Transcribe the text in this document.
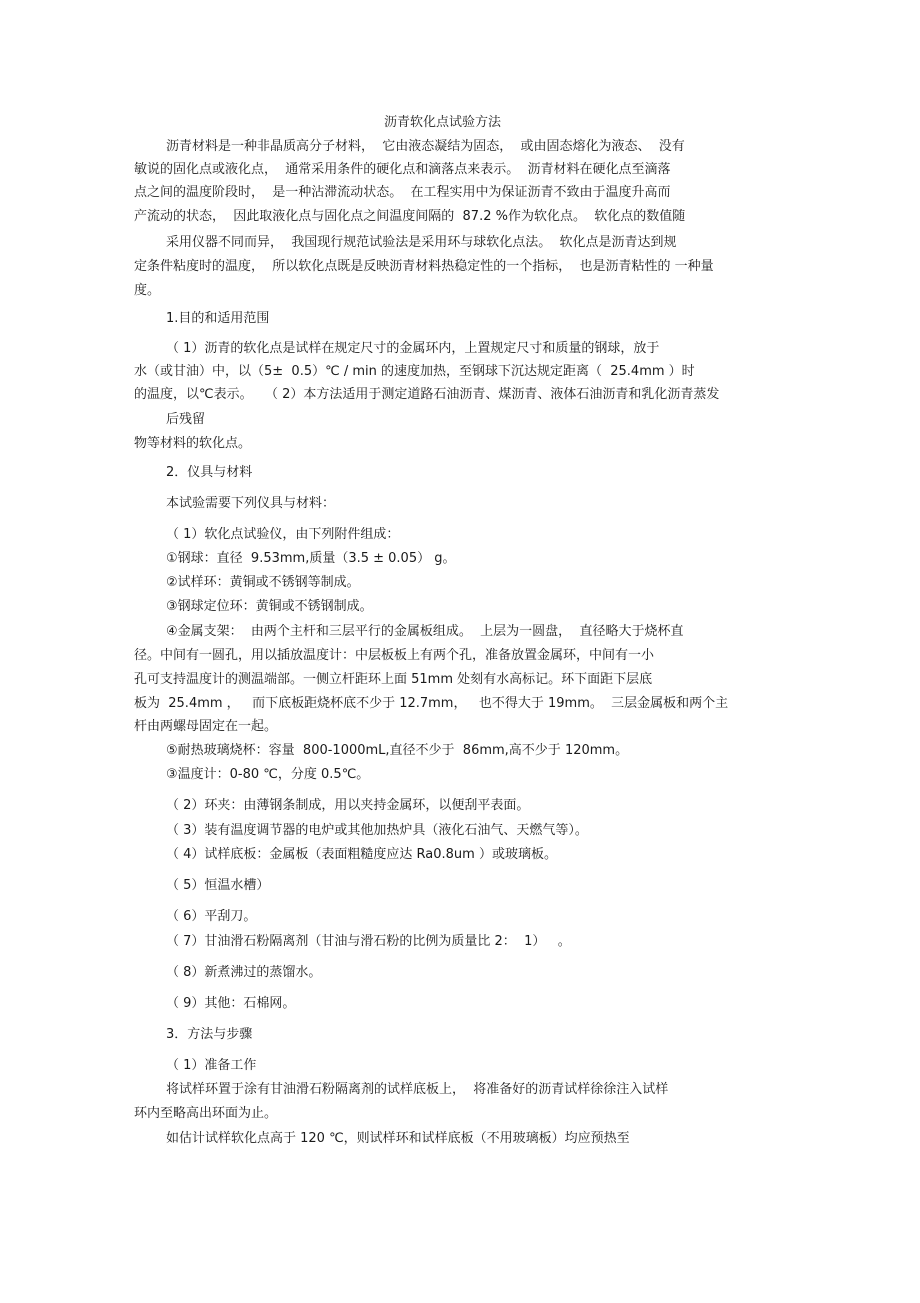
沥青软化点试验方法
沥青材料是一种非晶质高分子材料，  它由液态凝结为固态，  或由固态熔化为液态、  没有
敏说的固化点或液化点，  通常采用条件的硬化点和滴落点来表示。  沥青材料在硬化点至滴落
点之间的温度阶段时，  是一种沾滞流动状态。  在工程实用中为保证沥青不致由于温度升高而
产流动的状态，  因此取液化点与固化点之间温度间隔的  87.2 %作为软化点。  软化点的数值随
采用仪器不同而异，  我国现行规范试验法是采用环与球软化点法。  软化点是沥青达到规
定条件粘度时的温度，  所以软化点既是反映沥青材料热稳定性的一个指标，  也是沥青粘性的 一种量
度。
1.目的和适用范围
（ 1）沥青的软化点是试样在规定尺寸的金属环内，上置规定尺寸和质量的钢球，放于
水（或甘油）中，以（5±  0.5）℃ / min 的速度加热，至钢球下沉达规定距离（  25.4mm ）时
的温度，以℃表示。   （ 2）本方法适用于测定道路石油沥青、煤沥青、液体石油沥青和乳化沥青蒸发
后残留
物等材料的软化点。
2．仪具与材料
本试验需要下列仪具与材料：
（ 1）软化点试验仪，由下列附件组成：
①钢球：直径  9.53mm,质量（3.5 ± 0.05） g。
②试样环：黄铜或不锈钢等制成。
③钢球定位环：黄铜或不锈钢制成。
④金属支架：  由两个主杆和三层平行的金属板组成。  上层为一圆盘，  直径略大于烧杯直
径。中间有一圆孔，用以插放温度计：中层板板上有两个孔，准备放置金属环，中间有一小
孔可支持温度计的测温端部。一侧立杆距环上面 51mm 处刻有水高标记。环下面距下层底
板为  25.4mm ，   而下底板距烧杯底不少于 12.7mm，   也不得大于 19mm。  三层金属板和两个主
杆由两螺母固定在一起。
⑤耐热玻璃烧杯：容量  800-1000mL,直径不少于  86mm,高不少于 120mm。
③温度计：0-80 ℃，分度 0.5℃。
（ 2）环夹：由薄钢条制成，用以夹持金属环，以便刮平表面。
（ 3）装有温度调节器的电炉或其他加热炉具（液化石油气、天燃气等）。
（ 4）试样底板：金属板（表面粗糙度应达 Ra0.8um ）或玻璃板。
（ 5）恒温水槽）
（ 6）平刮刀。
（ 7）甘油滑石粉隔离剂（甘油与滑石粉的比例为质量比 2：  1）   。
（ 8）新煮沸过的蒸馏水。
（ 9）其他：石棉网。
3．方法与步骤
（ 1）准备工作
将试样环置于涂有甘油滑石粉隔离剂的试样底板上，  将准备好的沥青试样徐徐注入试样
环内至略高出环面为止。
如估计试样软化点高于 120 ℃，则试样环和试样底板（不用玻璃板）均应预热至
